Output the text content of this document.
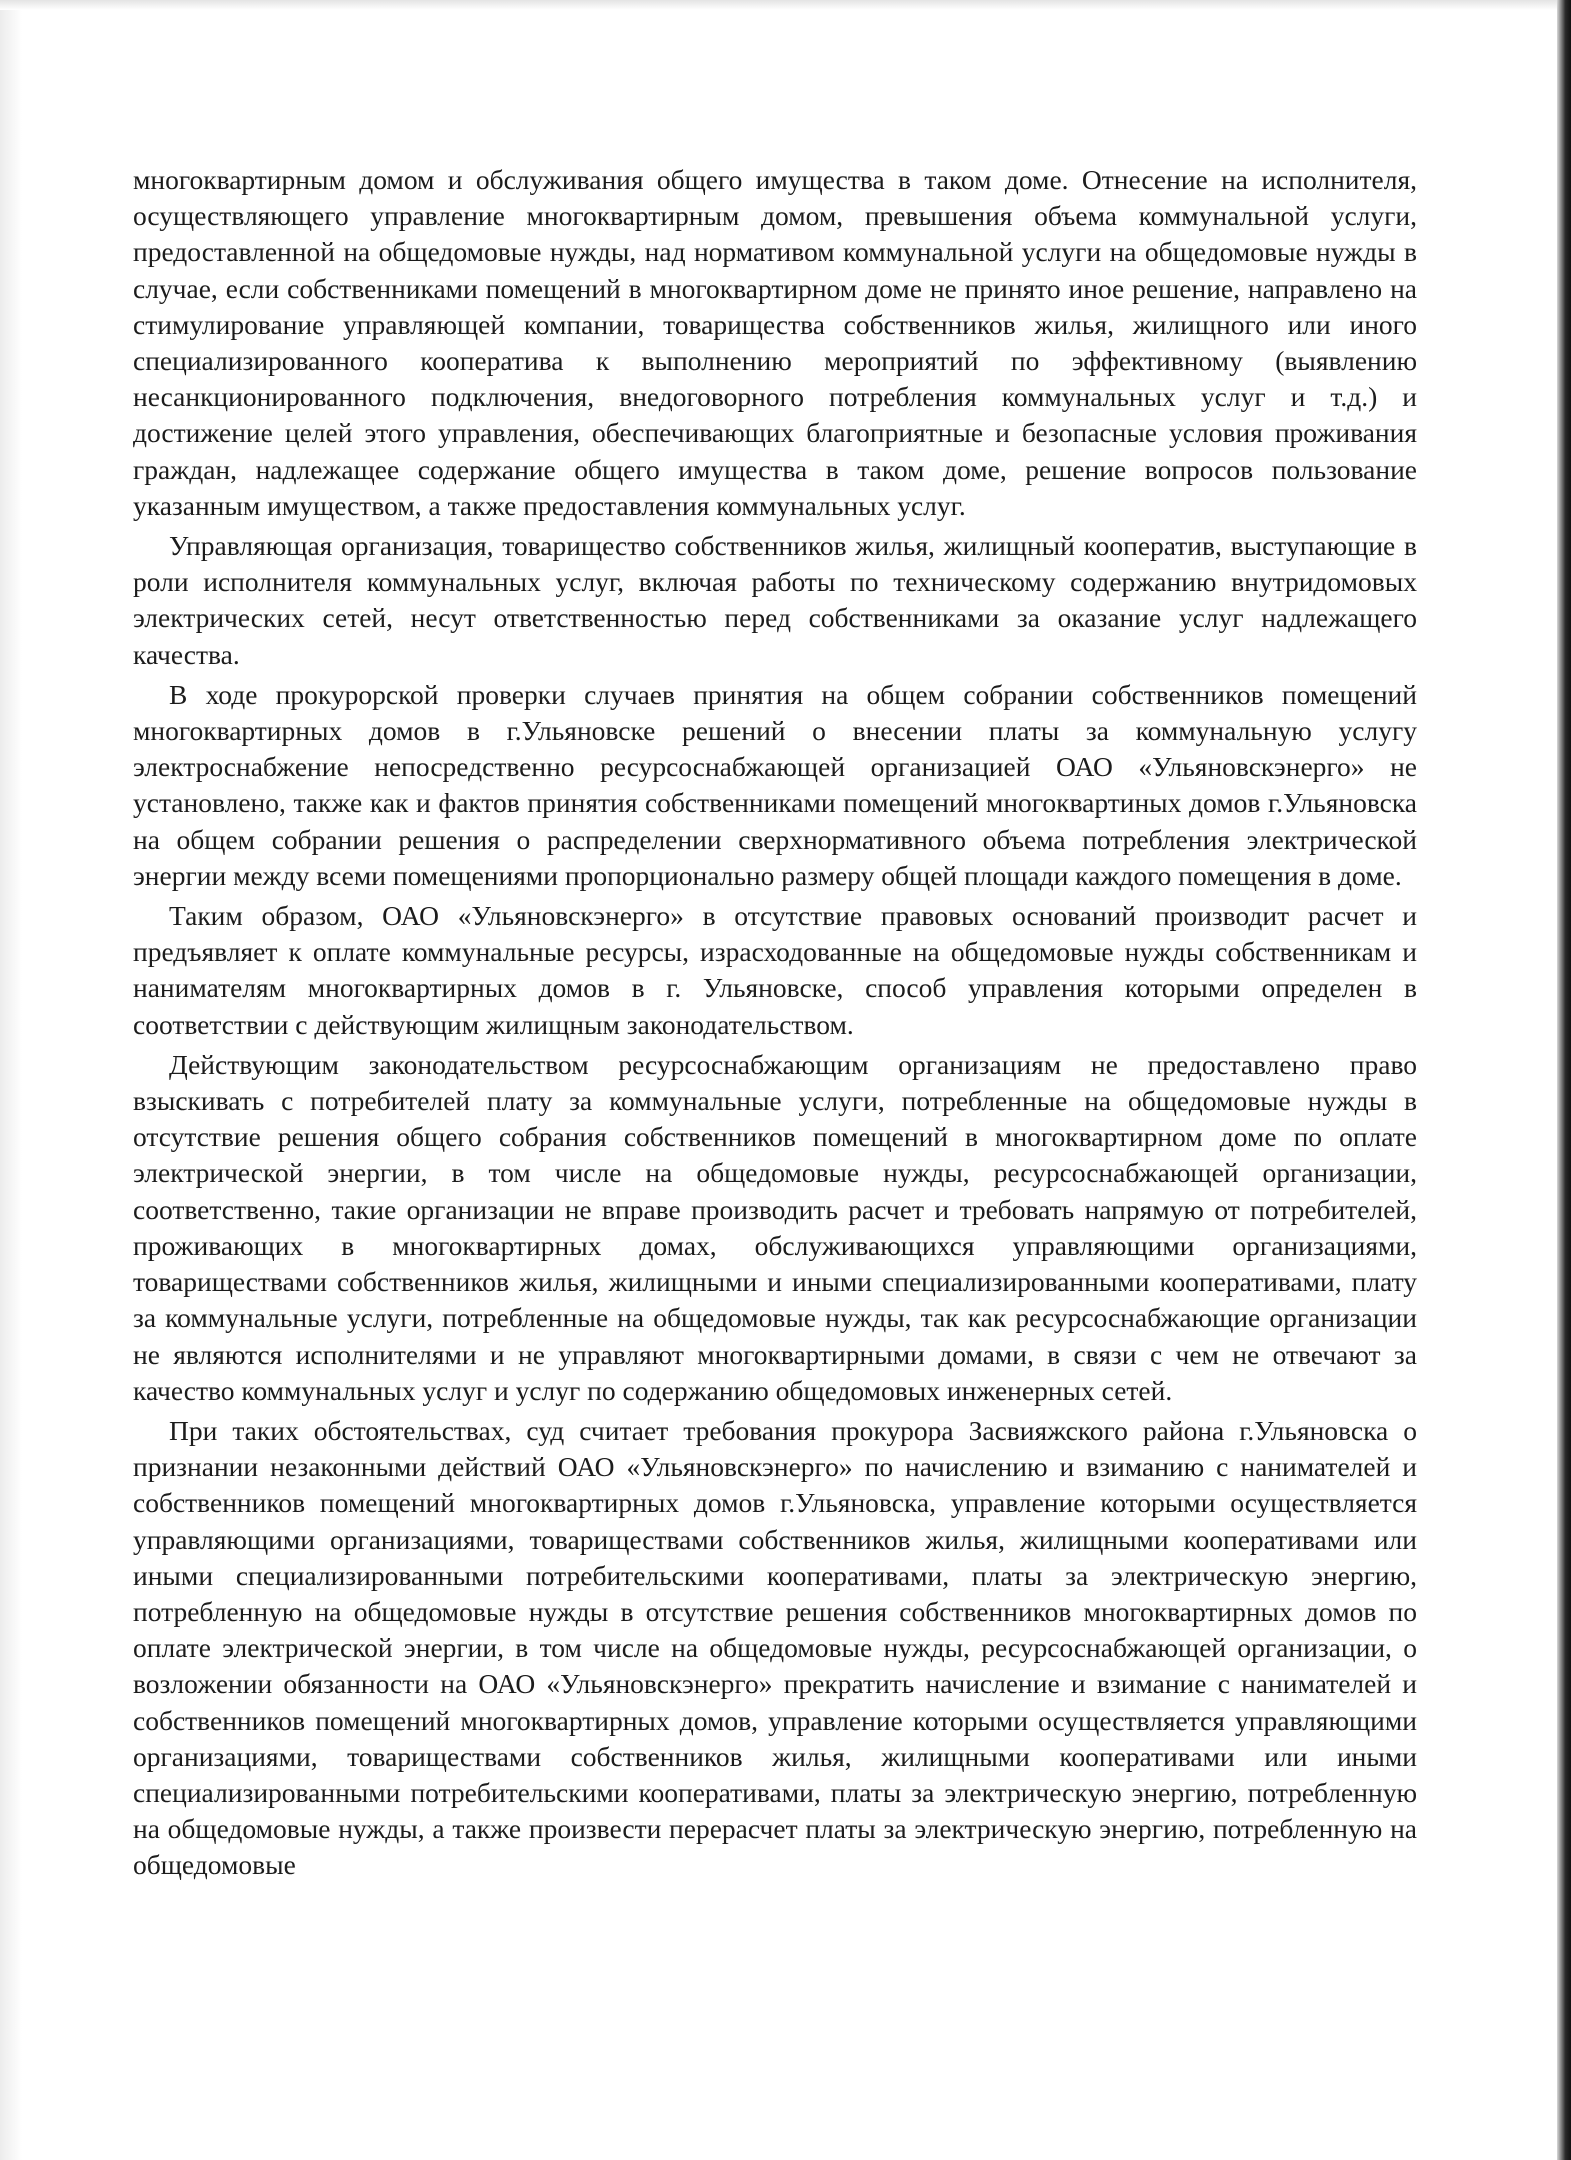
многоквартирным домом и обслуживания общего имущества в таком доме. Отнесение на исполнителя, осуществляющего управление многоквартирным домом, превышения объема коммунальной услуги, предоставленной на общедомовые нужды, над нормативом коммунальной услуги на общедомовые нужды в случае, если собственниками помещений в многоквартирном доме не принято иное решение, направлено на стимулирование управляющей компании, товарищества собственников жилья, жилищного или иного специализированного кооператива к выполнению мероприятий по эффективному (выявлению несанкционированного подключения, внедоговорного потребления коммунальных услуг и т.д.) и достижение целей этого управления, обеспечивающих благоприятные и безопасные условия проживания граждан, надлежащее содержание общего имущества в таком доме, решение вопросов пользование указанным имуществом, а также предоставления коммунальных услуг.

Управляющая организация, товарищество собственников жилья, жилищный кооператив, выступающие в роли исполнителя коммунальных услуг, включая работы по техническому содержанию внутридомовых электрических сетей, несут ответственностью перед собственниками за оказание услуг надлежащего качества.

В ходе прокурорской проверки случаев принятия на общем собрании собственников помещений многоквартирных домов в г.Ульяновске решений о внесении платы за коммунальную услугу электроснабжение непосредственно ресурсоснабжающей организацией ОАО «Ульяновскэнерго» не установлено, также как и фактов принятия собственниками помещений многоквартиных домов г.Ульяновска на общем собрании решения о распределении сверхнормативного объема потребления электрической энергии между всеми помещениями пропорционально размеру общей площади каждого помещения в доме.

Таким образом, ОАО «Ульяновскэнерго» в отсутствие правовых оснований производит расчет и предъявляет к оплате коммунальные ресурсы, израсходованные на общедомовые нужды собственникам и нанимателям многоквартирных домов в г. Ульяновске, способ управления которыми определен в соответствии с действующим жилищным законодательством.

Действующим законодательством ресурсоснабжающим организациям не предоставлено право взыскивать с потребителей плату за коммунальные услуги, потребленные на общедомовые нужды в отсутствие решения общего собрания собственников помещений в многоквартирном доме по оплате электрической энергии, в том числе на общедомовые нужды, ресурсоснабжающей организации, соответственно, такие организации не вправе производить расчет и требовать напрямую от потребителей, проживающих в многоквартирных домах, обслуживающихся управляющими организациями, товариществами собственников жилья, жилищными и иными специализированными кооперативами, плату за коммунальные услуги, потребленные на общедомовые нужды, так как ресурсоснабжающие организации не являются исполнителями и не управляют многоквартирными домами, в связи с чем не отвечают за качество коммунальных услуг и услуг по содержанию общедомовых инженерных сетей.

При таких обстоятельствах, суд считает требования прокурора Засвияжского района г.Ульяновска о признании незаконными действий ОАО «Ульяновскэнерго» по начислению и взиманию с нанимателей и собственников помещений многоквартирных домов г.Ульяновска, управление которыми осуществляется управляющими организациями, товариществами собственников жилья, жилищными кооперативами или иными специализированными потребительскими кооперативами, платы за электрическую энергию, потребленную на общедомовые нужды в отсутствие решения собственников многоквартирных домов по оплате электрической энергии, в том числе на общедомовые нужды, ресурсоснабжающей организации, о возложении обязанности на ОАО «Ульяновскэнерго» прекратить начисление и взимание с нанимателей и собственников помещений многоквартирных домов, управление которыми осуществляется управляющими организациями, товариществами собственников жилья, жилищными кооперативами или иными специализированными потребительскими кооперативами, платы за электрическую энергию, потребленную на общедомовые нужды, а также произвести перерасчет платы за электрическую энергию, потребленную на общедомовые
